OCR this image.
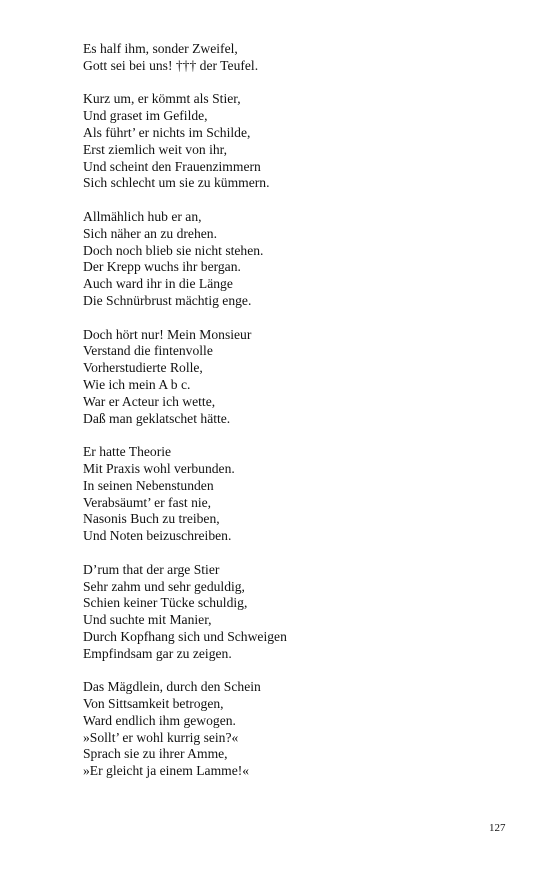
Es half ihm, sonder Zweifel,
Gott sei bei uns! ††† der Teufel.
Kurz um, er kömmt als Stier,
Und graset im Gefilde,
Als führt’ er nichts im Schilde,
Erst ziemlich weit von ihr,
Und scheint den Frauenzimmern
Sich schlecht um sie zu kümmern.
Allmählich hub er an,
Sich näher an zu drehen.
Doch noch blieb sie nicht stehen.
Der Krepp wuchs ihr bergan.
Auch ward ihr in die Länge
Die Schnürbrust mächtig enge.
Doch hört nur! Mein Monsieur
Verstand die fintenvolle
Vorherstudierte Rolle,
Wie ich mein A b c.
War er Acteur ich wette,
Daß man geklatschet hätte.
Er hatte Theorie
Mit Praxis wohl verbunden.
In seinen Nebenstunden
Verabsäumt’ er fast nie,
Nasonis Buch zu treiben,
Und Noten beizuschreiben.
D’rum that der arge Stier
Sehr zahm und sehr geduldig,
Schien keiner Tücke schuldig,
Und suchte mit Manier,
Durch Kopfhang sich und Schweigen
Empfindsam gar zu zeigen.
Das Mägdlein, durch den Schein
Von Sittsamkeit betrogen,
Ward endlich ihm gewogen.
»Sollt’ er wohl kurrig sein?«
Sprach sie zu ihrer Amme,
»Er gleicht ja einem Lamme!«
127
